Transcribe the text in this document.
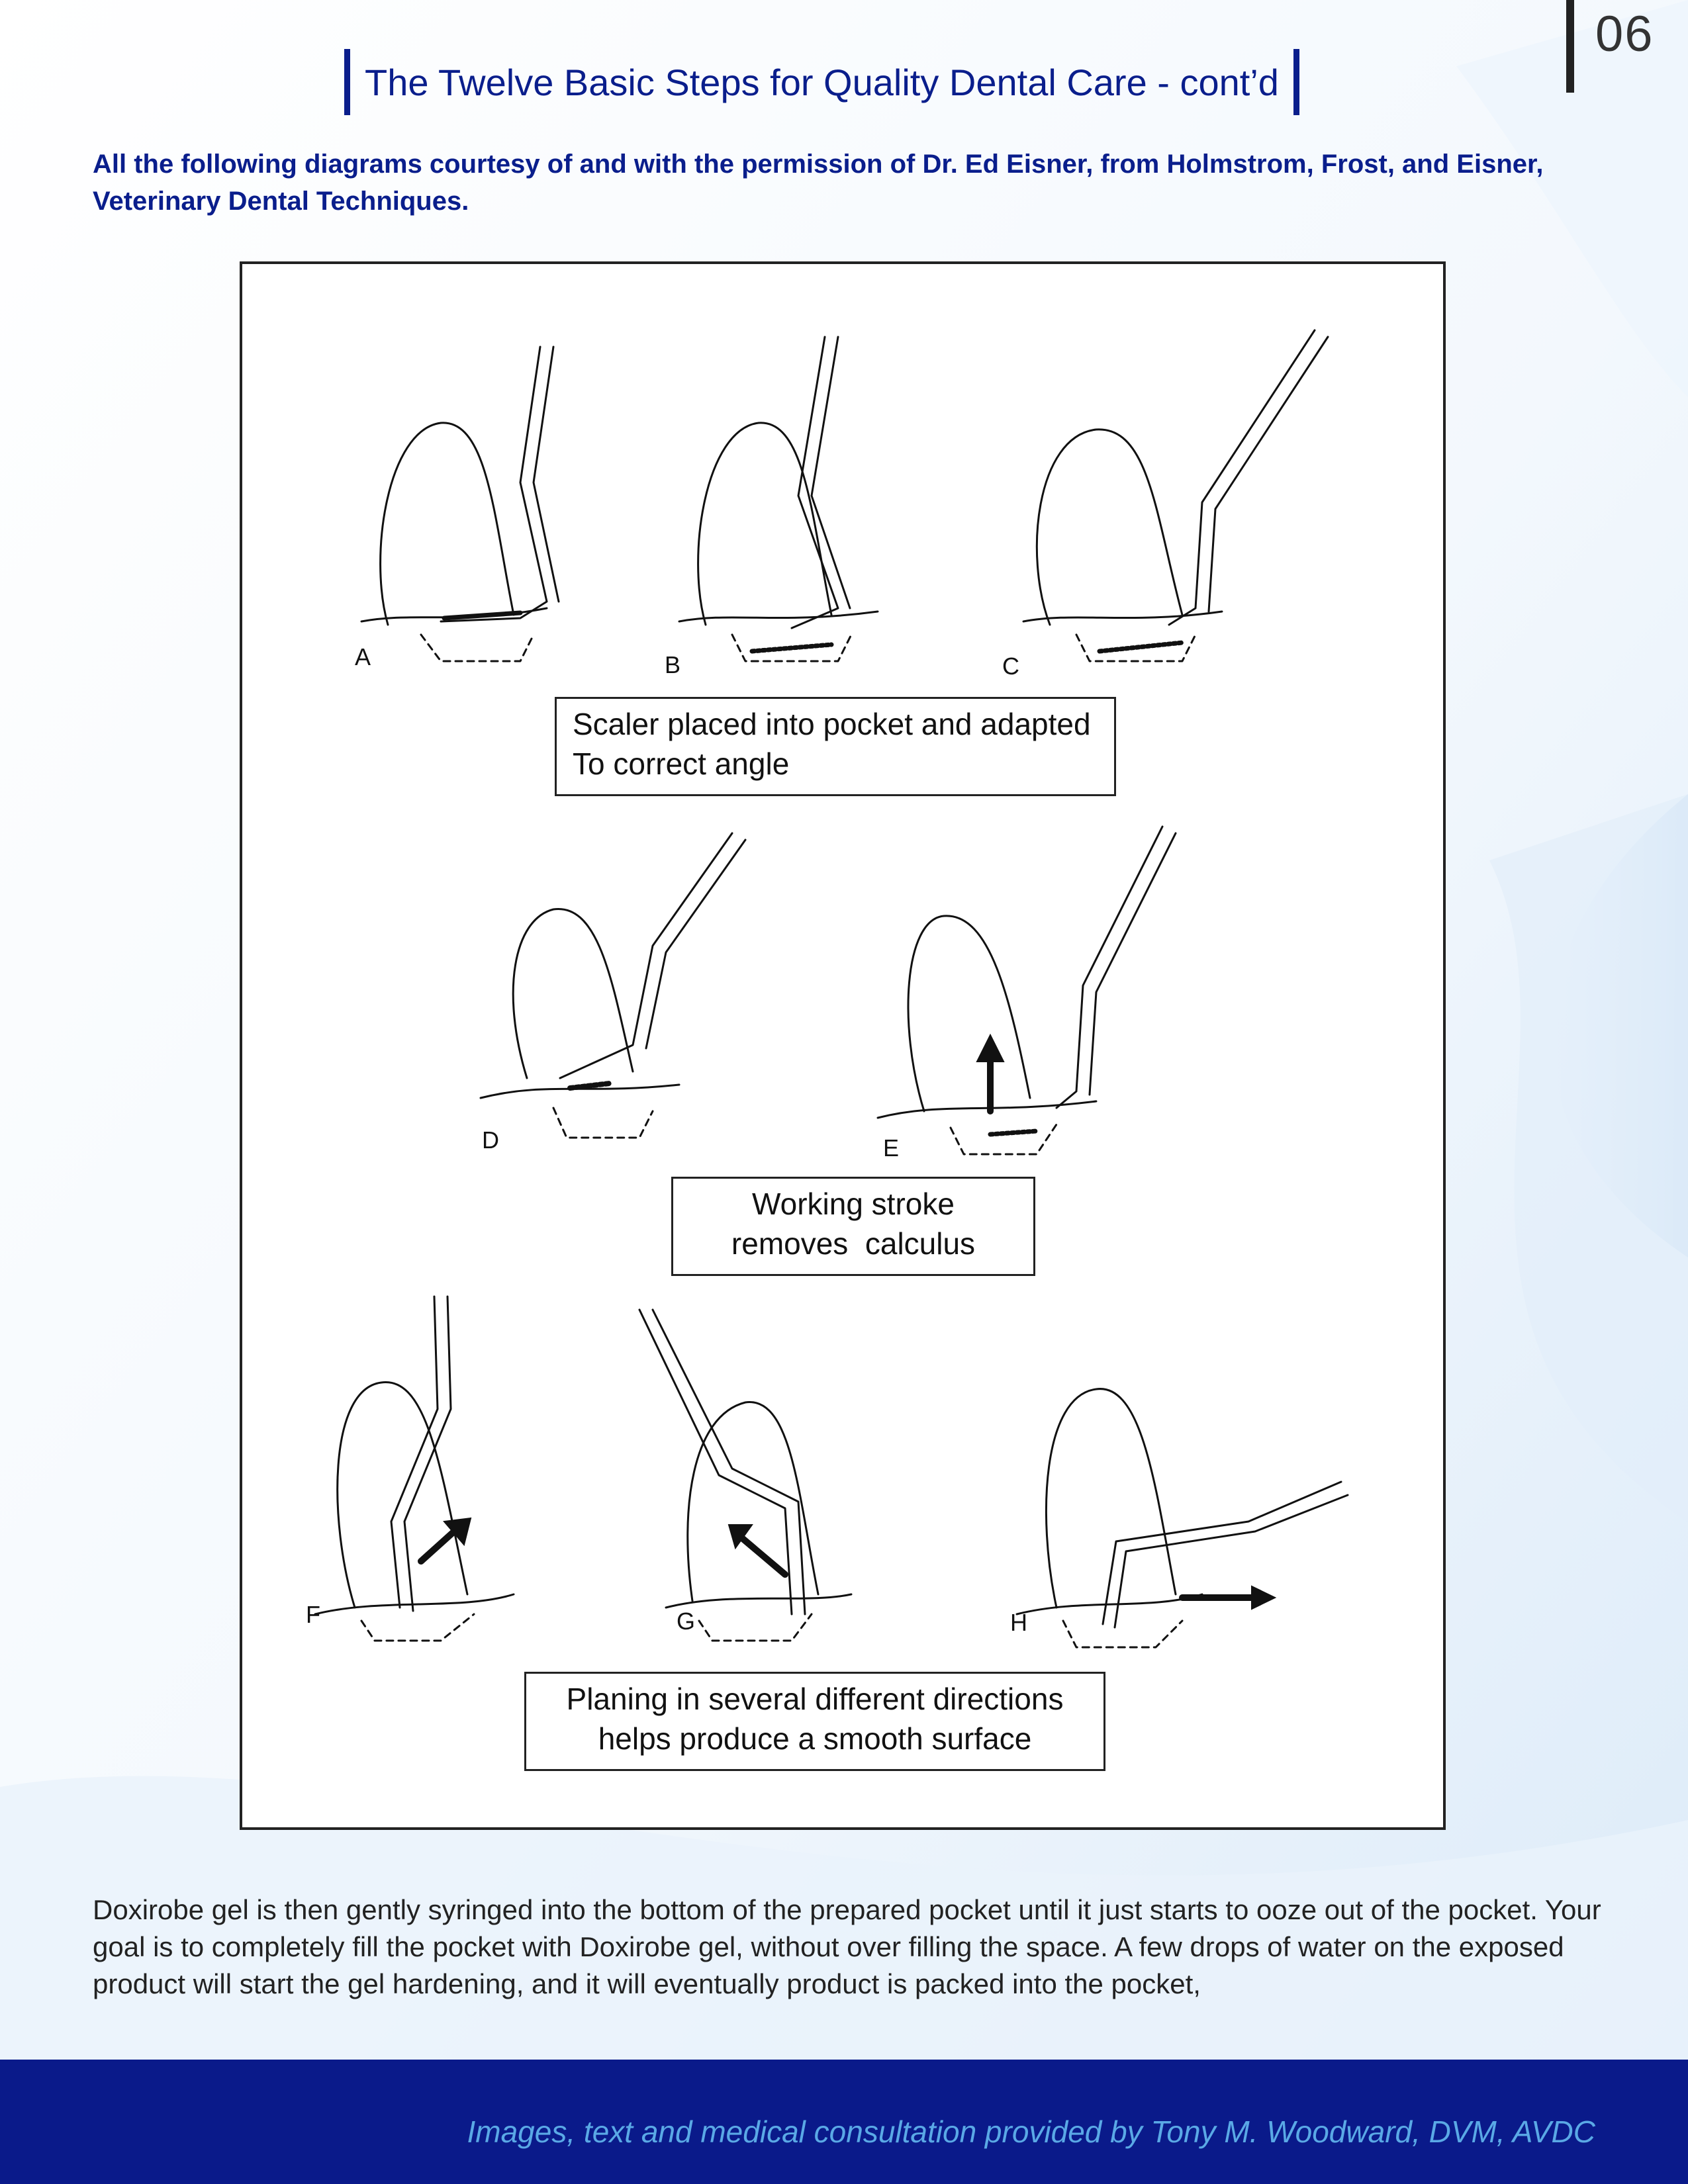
06
The Twelve Basic Steps for Quality Dental Care - cont’d
All the following diagrams courtesy of and with the permission of Dr. Ed Eisner, from Holmstrom, Frost, and Eisner, Veterinary Dental Techniques.
A	B	C
D	E
F	G	H
Scaler placed into pocket and adapted
To correct angle
Working stroke
removes  calculus
Planing in several different directions
helps produce a smooth surface
Doxirobe gel is then gently syringed into the bottom of the prepared pocket until it just starts to ooze out of the pocket. Your goal is to completely fill the pocket with Doxirobe gel, without over filling the space. A few drops of water on the exposed product will start the gel hardening, and it will eventually product is packed into the pocket,
Images, text and medical consultation provided by Tony M. Woodward, DVM, AVDC
